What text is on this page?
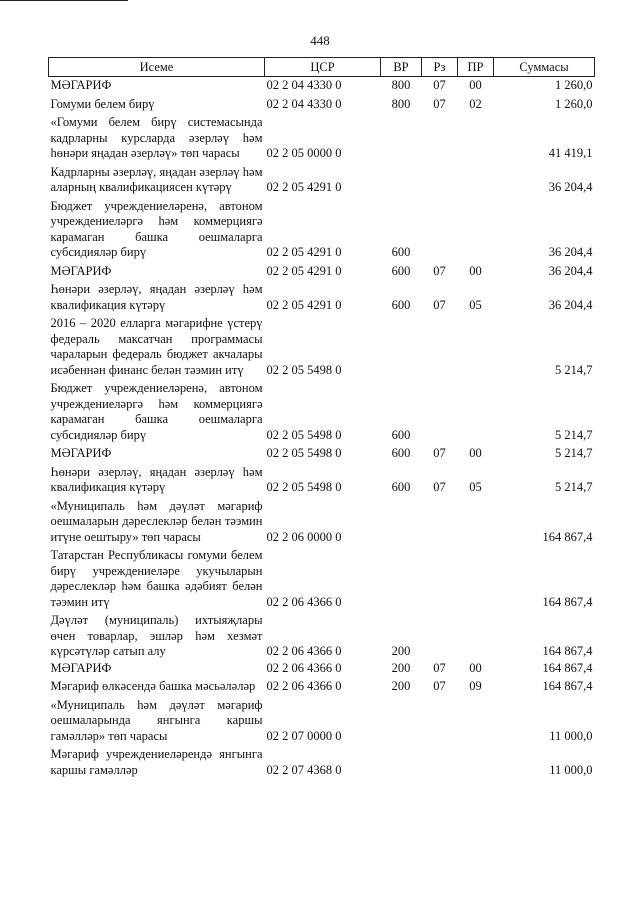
448
Исеме	ЦСР	ВР	Рз	ПР	Суммасы
МӘГАРИФ	02 2 04 4330 0	800	07	00	1 260,0
Гомуми белем бирү	02 2 04 4330 0	800	07	02	1 260,0
«Гомуми белем бирү системасында кадрларны курсларда әзерләү һәм һөнәри яңадан әзерләү» төп чарасы	02 2 05 0000 0				41 419,1
Кадрларны әзерләү, яңадан әзерләү һәм аларның квалификациясен күтәрү	02 2 05 4291 0				36 204,4
Бюджет учреждениеләренә, автоном учреждениеләргә һәм коммерциягә карамаган башка оешмаларга субсидияләр бирү	02 2 05 4291 0	600			36 204,4
МӘГАРИФ	02 2 05 4291 0	600	07	00	36 204,4
Һөнәри әзерләү, яңадан әзерләү һәм квалификация күтәрү	02 2 05 4291 0	600	07	05	36 204,4
2016 – 2020 елларга мәгарифне үстерү федераль максатчан программасы чараларын федераль бюджет акчалары исәбеннән финанс белән тәэмин итү	02 2 05 5498 0				5 214,7
Бюджет учреждениеләренә, автоном учреждениеләргә һәм коммерциягә карамаган башка оешмаларга субсидияләр бирү	02 2 05 5498 0	600			5 214,7
МӘГАРИФ	02 2 05 5498 0	600	07	00	5 214,7
Һөнәри әзерләү, яңадан әзерләү һәм квалификация күтәрү	02 2 05 5498 0	600	07	05	5 214,7
«Муниципаль һәм дәүләт мәгариф оешмаларын дәреслекләр белән тәэмин итүне оештыру» төп чарасы	02 2 06 0000 0				164 867,4
Татарстан Республикасы гомуми белем бирү учреждениеләре укучыларын дәреслекләр һәм башка әдәбият белән тәэмин итү	02 2 06 4366 0				164 867,4
Дәүләт (муниципаль) ихтыяҗлары өчен товарлар, эшләр һәм хезмәт күрсәтүләр сатып алу	02 2 06 4366 0	200			164 867,4
МӘГАРИФ	02 2 06 4366 0	200	07	00	164 867,4
Мәгариф өлкәсендә башка мәсьәләләр	02 2 06 4366 0	200	07	09	164 867,4
«Муниципаль һәм дәүләт мәгариф оешмаларында янгынга каршы гамәлләр» төп чарасы	02 2 07 0000 0				11 000,0
Мәгариф учреждениеләрендә янгынга каршы гамәлләр	02 2 07 4368 0				11 000,0
